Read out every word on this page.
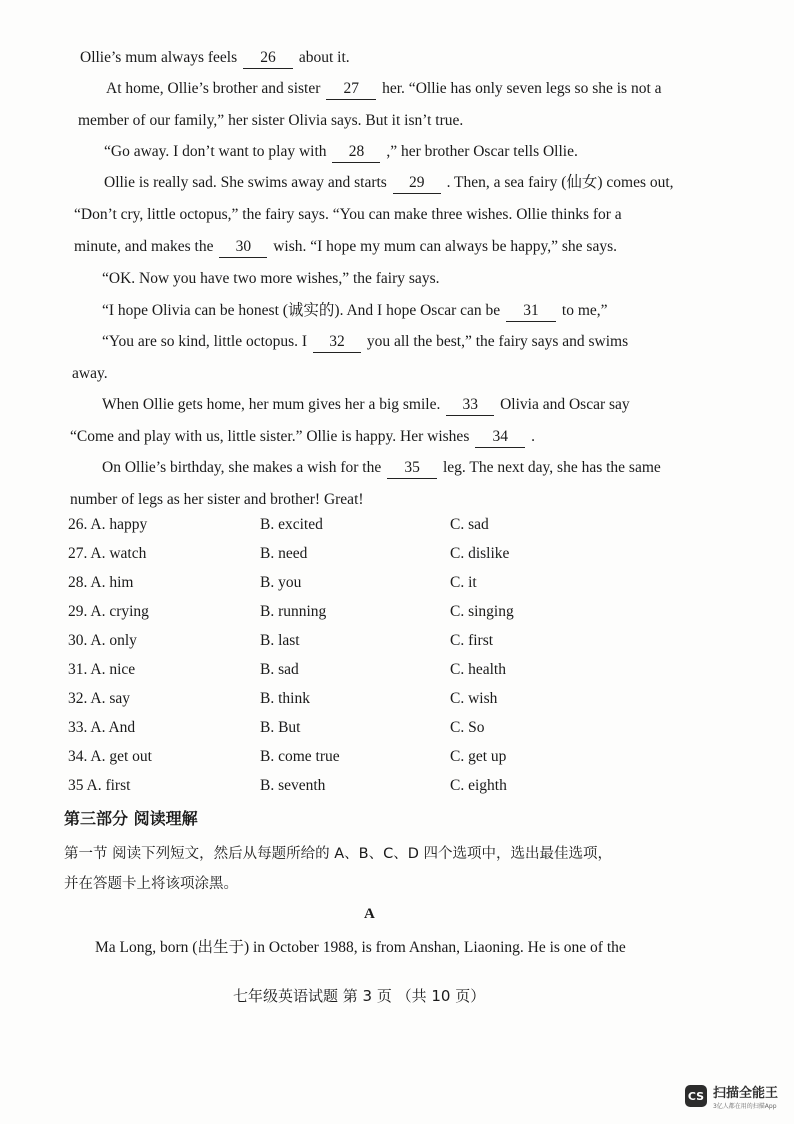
Ollie’s mum always feels 26 about it.
At home, Ollie’s brother and sister 27 her. “Ollie has only seven legs so she is not a
member of our family,” her sister Olivia says. But it isn’t true.
“Go away. I don’t want to play with 28 ,” her brother Oscar tells Ollie.
Ollie is really sad. She swims away and starts 29 . Then, a sea fairy (仙女) comes out,
“Don’t cry, little octopus,” the fairy says. “You can make three wishes. Ollie thinks for a
minute, and makes the 30 wish. “I hope my mum can always be happy,” she says.
“OK. Now you have two more wishes,” the fairy says.
“I hope Olivia can be honest (诚实的). And I hope Oscar can be 31 to me,”
“You are so kind, little octopus. I 32 you all the best,” the fairy says and swims
away.
When Ollie gets home, her mum gives her a big smile. 33 Olivia and Oscar say
“Come and play with us, little sister.” Ollie is happy. Her wishes 34 .
On Ollie’s birthday, she makes a wish for the 35 leg. The next day, she has the same
number of legs as her sister and brother! Great!
26. A. happy	B. excited	C. sad
27. A. watch	B. need	C. dislike
28. A. him	B. you	C. it
29. A. crying	B. running	C. singing
30. A. only	B. last	C. first
31. A. nice	B. sad	C. health
32. A. say	B. think	C. wish
33. A. And	B. But	C. So
34. A. get out	B. come true	C. get up
35 A. first	B. seventh	C. eighth
第三部分 阅读理解
第一节 阅读下列短文，然后从每题所给的 A、B、C、D 四个选项中，选出最佳选项，
并在答题卡上将该项涂黑。
A
Ma Long, born (出生于) in October 1988, is from Anshan, Liaoning. He is one of the
七年级英语试题 第 3 页 （共 10 页）
CS 扫描全能王
3亿人都在用的扫描App
